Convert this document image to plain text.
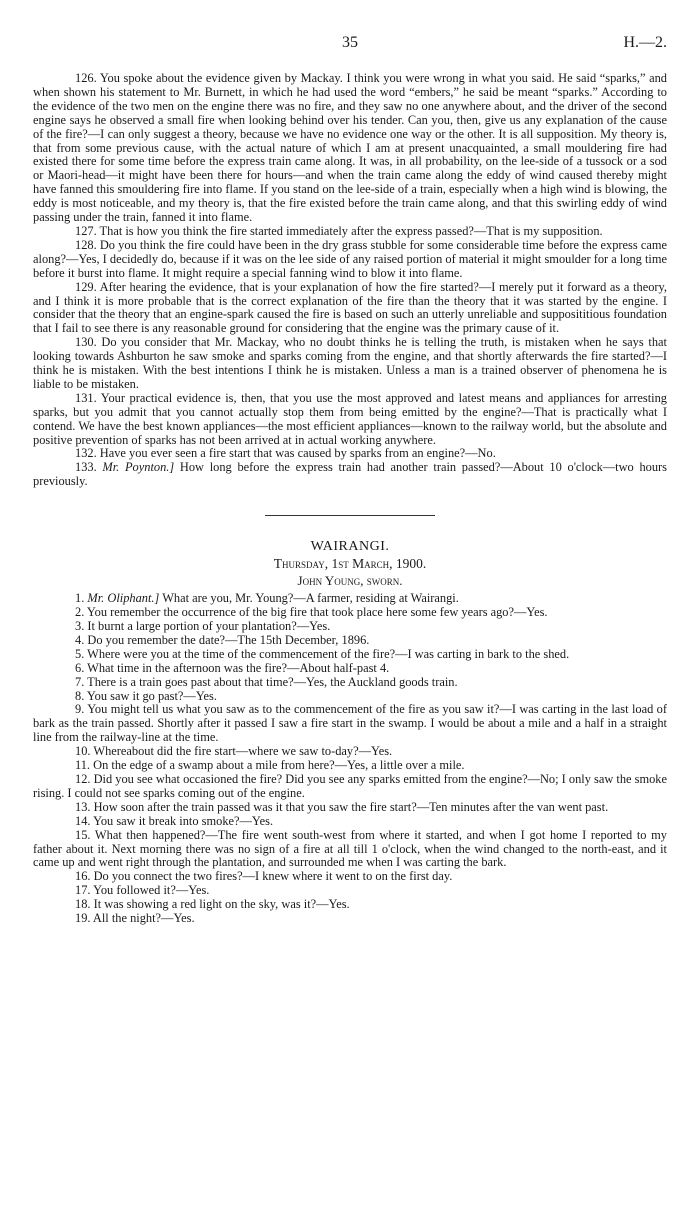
35	H.—2.

126. You spoke about the evidence given by Mackay. I think you were wrong in what you said. He said “sparks,” and when shown his statement to Mr. Burnett, in which he had used the word “embers,” he said be meant “sparks.” According to the evidence of the two men on the engine there was no fire, and they saw no one anywhere about, and the driver of the second engine says he observed a small fire when looking behind over his tender. Can you, then, give us any explanation of the cause of the fire?—I can only suggest a theory, because we have no evidence one way or the other. It is all supposition. My theory is, that from some previous cause, with the actual nature of which I am at present unacquainted, a small mouldering fire had existed there for some time before the express train came along. It was, in all probability, on the lee-side of a tussock or a sod or Maori-head—it might have been there for hours—and when the train came along the eddy of wind caused thereby might have fanned this smouldering fire into flame. If you stand on the lee-side of a train, especially when a high wind is blowing, the eddy is most noticeable, and my theory is, that the fire existed before the train came along, and that this swirling eddy of wind passing under the train, fanned it into flame.

127. That is how you think the fire started immediately after the express passed?—That is my supposition.

128. Do you think the fire could have been in the dry grass stubble for some considerable time before the express came along?—Yes, I decidedly do, because if it was on the lee side of any raised portion of material it might smoulder for a long time before it burst into flame. It might require a special fanning wind to blow it into flame.

129. After hearing the evidence, that is your explanation of how the fire started?—I merely put it forward as a theory, and I think it is more probable that is the correct explanation of the fire than the theory that it was started by the engine. I consider that the theory that an engine-spark caused the fire is based on such an utterly unreliable and supposititious foundation that I fail to see there is any reasonable ground for considering that the engine was the primary cause of it.

130. Do you consider that Mr. Mackay, who no doubt thinks he is telling the truth, is mistaken when he says that looking towards Ashburton he saw smoke and sparks coming from the engine, and that shortly afterwards the fire started?—I think he is mistaken. With the best intentions I think he is mistaken. Unless a man is a trained observer of phenomena he is liable to be mistaken.

131. Your practical evidence is, then, that you use the most approved and latest means and appliances for arresting sparks, but you admit that you cannot actually stop them from being emitted by the engine?—That is practically what I contend. We have the best known appliances—the most efficient appliances—known to the railway world, but the absolute and positive prevention of sparks has not been arrived at in actual working anywhere.

132. Have you ever seen a fire start that was caused by sparks from an engine?—No.

133. Mr. Poynton.] How long before the express train had another train passed?—About 10 o'clock—two hours previously.

WAIRANGI.

Thursday, 1st March, 1900.

John Young, sworn.

1. Mr. Oliphant.] What are you, Mr. Young?—A farmer, residing at Wairangi.

2. You remember the occurrence of the big fire that took place here some few years ago?—Yes.

3. It burnt a large portion of your plantation?—Yes.

4. Do you remember the date?—The 15th December, 1896.

5. Where were you at the time of the commencement of the fire?—I was carting in bark to the shed.

6. What time in the afternoon was the fire?—About half-past 4.

7. There is a train goes past about that time?—Yes, the Auckland goods train.

8. You saw it go past?—Yes.

9. You might tell us what you saw as to the commencement of the fire as you saw it?—I was carting in the last load of bark as the train passed. Shortly after it passed I saw a fire start in the swamp. I would be about a mile and a half in a straight line from the railway-line at the time.

10. Whereabout did the fire start—where we saw to-day?—Yes.

11. On the edge of a swamp about a mile from here?—Yes, a little over a mile.

12. Did you see what occasioned the fire? Did you see any sparks emitted from the engine?—No; I only saw the smoke rising. I could not see sparks coming out of the engine.

13. How soon after the train passed was it that you saw the fire start?—Ten minutes after the van went past.

14. You saw it break into smoke?—Yes.

15. What then happened?—The fire went south-west from where it started, and when I got home I reported to my father about it. Next morning there was no sign of a fire at all till 1 o'clock, when the wind changed to the north-east, and it came up and went right through the plantation, and surrounded me when I was carting the bark.

16. Do you connect the two fires?—I knew where it went to on the first day.

17. You followed it?—Yes.

18. It was showing a red light on the sky, was it?—Yes.

19. All the night?—Yes.
